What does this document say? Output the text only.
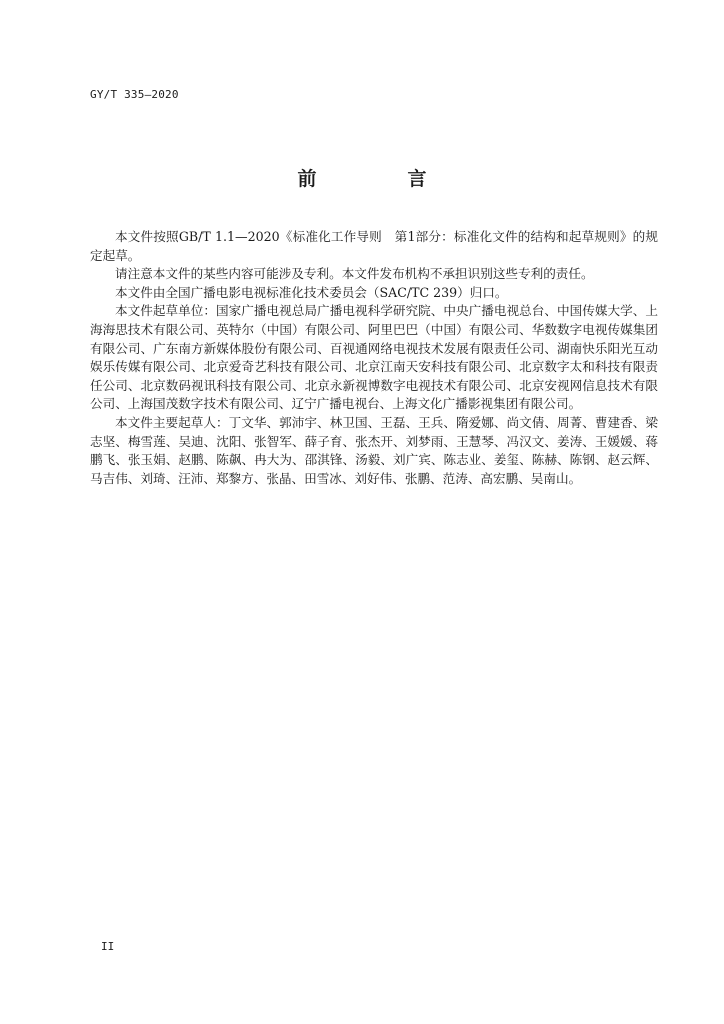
GY/T 335—2020
前　言

本文件按照GB/T 1.1—2020《标准化工作导则　第1部分：标准化文件的结构和起草规则》的规定起草。

请注意本文件的某些内容可能涉及专利。本文件发布机构不承担识别这些专利的责任。

本文件由全国广播电影电视标准化技术委员会（SAC/TC 239）归口。

本文件起草单位：国家广播电视总局广播电视科学研究院、中央广播电视总台、中国传媒大学、上海海思技术有限公司、英特尔（中国）有限公司、阿里巴巴（中国）有限公司、华数数字电视传媒集团有限公司、广东南方新媒体股份有限公司、百视通网络电视技术发展有限责任公司、湖南快乐阳光互动娱乐传媒有限公司、北京爱奇艺科技有限公司、北京江南天安科技有限公司、北京数字太和科技有限责任公司、北京数码视讯科技有限公司、北京永新视博数字电视技术有限公司、北京安视网信息技术有限公司、上海国茂数字技术有限公司、辽宁广播电视台、上海文化广播影视集团有限公司。

本文件主要起草人：丁文华、郭沛宇、林卫国、王磊、王兵、隋爱娜、尚文倩、周菁、曹建香、梁志坚、梅雪莲、吴迪、沈阳、张智军、薛子育、张杰开、刘梦雨、王慧琴、冯汉文、姜涛、王媛媛、蒋鹏飞、张玉娟、赵鹏、陈飙、冉大为、邵淇锋、汤毅、刘广宾、陈志业、姜玺、陈赫、陈钢、赵云辉、马吉伟、刘琦、汪沛、郑黎方、张晶、田雪冰、刘好伟、张鹏、范涛、高宏鹏、吴南山。

II
